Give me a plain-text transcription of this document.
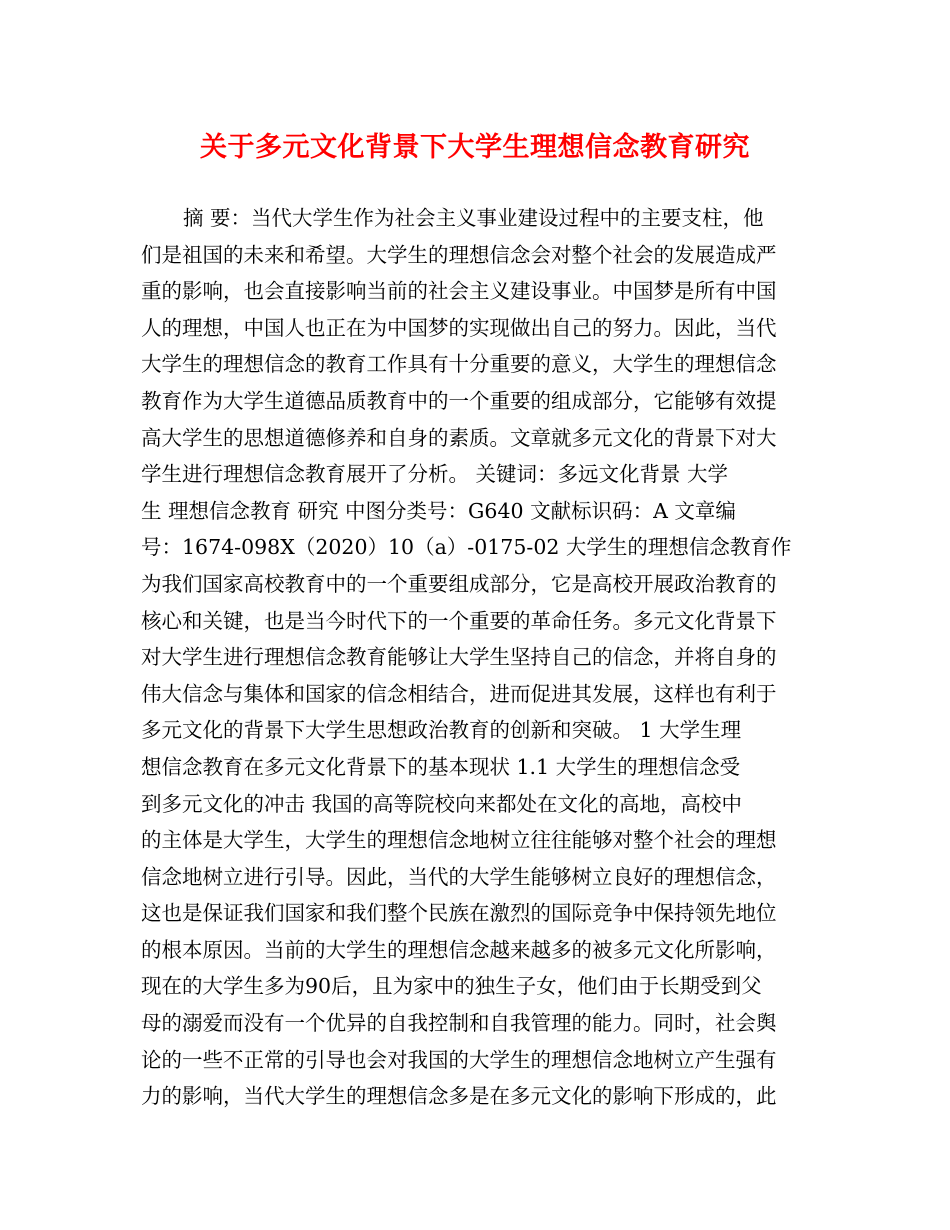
关于多元文化背景下大学生理想信念教育研究
摘 要：当代大学生作为社会主义事业建设过程中的主要支柱，他
们是祖国的未来和希望。大学生的理想信念会对整个社会的发展造成严
重的影响，也会直接影响当前的社会主义建设事业。中国梦是所有中国
人的理想，中国人也正在为中国梦的实现做出自己的努力。因此，当代
大学生的理想信念的教育工作具有十分重要的意义，大学生的理想信念
教育作为大学生道德品质教育中的一个重要的组成部分，它能够有效提
高大学生的思想道德修养和自身的素质。文章就多元文化的背景下对大
学生进行理想信念教育展开了分析。 关键词：多远文化背景 大学
生 理想信念教育 研究 中图分类号：G640 文献标识码：A 文章编
号：1674-098X（2020）10（a）-0175-02 大学生的理想信念教育作
为我们国家高校教育中的一个重要组成部分，它是高校开展政治教育的
核心和关键，也是当今时代下的一个重要的革命任务。多元文化背景下
对大学生进行理想信念教育能够让大学生坚持自己的信念，并将自身的
伟大信念与集体和国家的信念相结合，进而促进其发展，这样也有利于
多元文化的背景下大学生思想政治教育的创新和突破。 1 大学生理
想信念教育在多元文化背景下的基本现状 1.1 大学生的理想信念受
到多元文化的冲击 我国的高等院校向来都处在文化的高地，高校中
的主体是大学生，大学生的理想信念地树立往往能够对整个社会的理想
信念地树立进行引导。因此，当代的大学生能够树立良好的理想信念，
这也是保证我们国家和我们整个民族在激烈的国际竞争中保持领先地位
的根本原因。当前的大学生的理想信念越来越多的被多元文化所影响，
现在的大学生多为90后，且为家中的独生子女，他们由于长期受到父
母的溺爱而没有一个优异的自我控制和自我管理的能力。同时，社会舆
论的一些不正常的引导也会对我国的大学生的理想信念地树立产生强有
力的影响，当代大学生的理想信念多是在多元文化的影响下形成的，此
